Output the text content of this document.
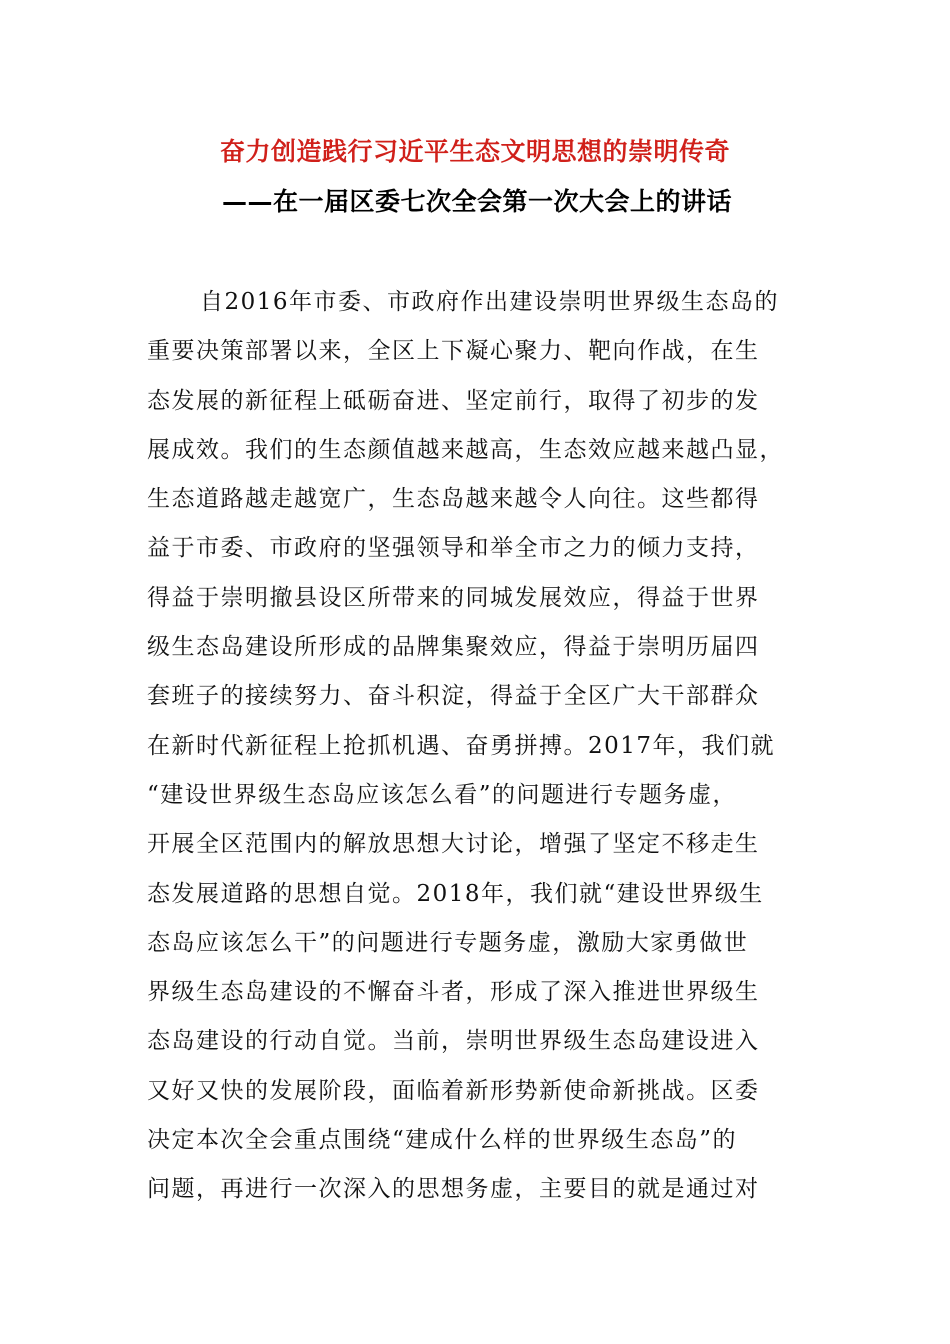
奋力创造践行习近平生态文明思想的崇明传奇
——在一届区委七次全会第一次大会上的讲话
自2016年市委、市政府作出建设崇明世界级生态岛的
重要决策部署以来，全区上下凝心聚力、靶向作战，在生
态发展的新征程上砥砺奋进、坚定前行，取得了初步的发
展成效。我们的生态颜值越来越高，生态效应越来越凸显，
生态道路越走越宽广，生态岛越来越令人向往。这些都得
益于市委、市政府的坚强领导和举全市之力的倾力支持，
得益于崇明撤县设区所带来的同城发展效应，得益于世界
级生态岛建设所形成的品牌集聚效应，得益于崇明历届四
套班子的接续努力、奋斗积淀，得益于全区广大干部群众
在新时代新征程上抢抓机遇、奋勇拼搏。2017年，我们就
“建设世界级生态岛应该怎么看”的问题进行专题务虚，
开展全区范围内的解放思想大讨论，增强了坚定不移走生
态发展道路的思想自觉。2018年，我们就“建设世界级生
态岛应该怎么干”的问题进行专题务虚，激励大家勇做世
界级生态岛建设的不懈奋斗者，形成了深入推进世界级生
态岛建设的行动自觉。当前，崇明世界级生态岛建设进入
又好又快的发展阶段，面临着新形势新使命新挑战。区委
决定本次全会重点围绕“建成什么样的世界级生态岛”的
问题，再进行一次深入的思想务虚，主要目的就是通过对
